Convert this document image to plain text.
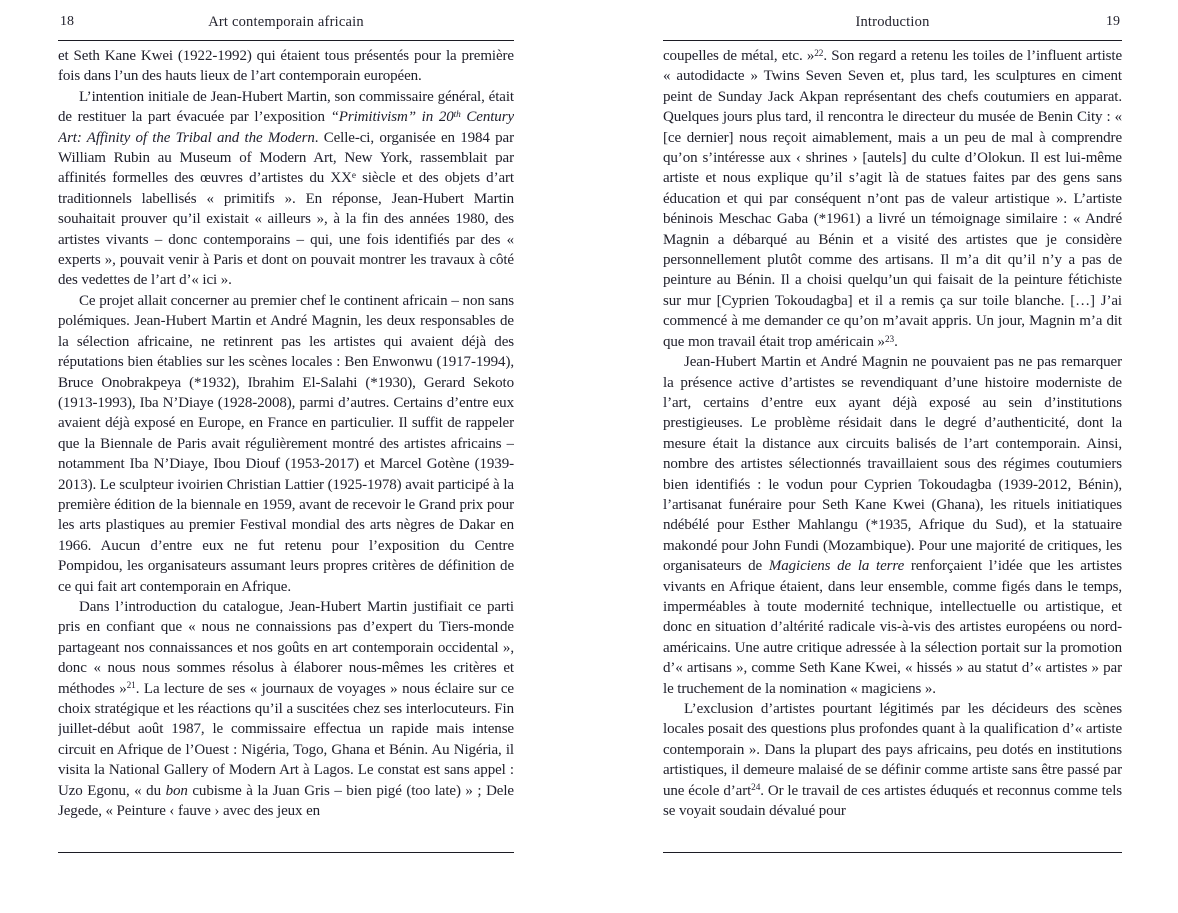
18	Art contemporain africain

et Seth Kane Kwei (1922-1992) qui étaient tous présentés pour la première fois dans l’un des hauts lieux de l’art contemporain européen.

L’intention initiale de Jean-Hubert Martin, son commissaire général, était de restituer la part évacuée par l’exposition “Primitivism” in 20th Century Art: Affinity of the Tribal and the Modern. Celle-ci, organisée en 1984 par William Rubin au Museum of Modern Art, New York, rassemblait par affinités formelles des œuvres d’artistes du XXe siècle et des objets d’art traditionnels labellisés « primitifs ». En réponse, Jean-Hubert Martin souhaitait prouver qu’il existait « ailleurs », à la fin des années 1980, des artistes vivants – donc contemporains – qui, une fois identifiés par des « experts », pouvait venir à Paris et dont on pouvait montrer les travaux à côté des vedettes de l’art d’« ici ».

Ce projet allait concerner au premier chef le continent africain – non sans polémiques. Jean-Hubert Martin et André Magnin, les deux responsables de la sélection africaine, ne retinrent pas les artistes qui avaient déjà des réputations bien établies sur les scènes locales : Ben Enwonwu (1917-1994), Bruce Onobrakpeya (*1932), Ibrahim El-Salahi (*1930), Gerard Sekoto (1913-1993), Iba N’Diaye (1928-2008), parmi d’autres. Certains d’entre eux avaient déjà exposé en Europe, en France en particulier. Il suffit de rappeler que la Biennale de Paris avait régulièrement montré des artistes africains – notamment Iba N’Diaye, Ibou Diouf (1953-2017) et Marcel Gotène (1939-2013). Le sculpteur ivoirien Christian Lattier (1925-1978) avait participé à la première édition de la biennale en 1959, avant de recevoir le Grand prix pour les arts plastiques au premier Festival mondial des arts nègres de Dakar en 1966. Aucun d’entre eux ne fut retenu pour l’exposition du Centre Pompidou, les organisateurs assumant leurs propres critères de définition de ce qui fait art contemporain en Afrique.

Dans l’introduction du catalogue, Jean-Hubert Martin justifiait ce parti pris en confiant que « nous ne connaissions pas d’expert du Tiers-monde partageant nos connaissances et nos goûts en art contemporain occidental », donc « nous nous sommes résolus à élaborer nous-mêmes les critères et méthodes »$^{21}$. La lecture de ses « journaux de voyages » nous éclaire sur ce choix stratégique et les réactions qu’il a suscitées chez ses interlocuteurs. Fin juillet-début août 1987, le commissaire effectua un rapide mais intense circuit en Afrique de l’Ouest : Nigéria, Togo, Ghana et Bénin. Au Nigéria, il visita la National Gallery of Modern Art à Lagos. Le constat est sans appel : Uzo Egonu, « du bon cubisme à la Juan Gris – bien pigé (too late) » ; Dele Jegede, « Peinture ‹ fauve › avec des jeux en

Introduction	19

coupelles de métal, etc. »$^{22}$. Son regard a retenu les toiles de l’influent artiste « autodidacte » Twins Seven Seven et, plus tard, les sculptures en ciment peint de Sunday Jack Akpan représentant des chefs coutumiers en apparat. Quelques jours plus tard, il rencontra le directeur du musée de Benin City : « [ce dernier] nous reçoit aimablement, mais a un peu de mal à comprendre qu’on s’intéresse aux ‹ shrines › [autels] du culte d’Olokun. Il est lui-même artiste et nous explique qu’il s’agit là de statues faites par des gens sans éducation et qui par conséquent n’ont pas de valeur artistique ». L’artiste béninois Meschac Gaba (*1961) a livré un témoignage similaire : « André Magnin a débarqué au Bénin et a visité des artistes que je considère personnellement plutôt comme des artisans. Il m’a dit qu’il n’y a pas de peinture au Bénin. Il a choisi quelqu’un qui faisait de la peinture fétichiste sur mur [Cyprien Tokoudagba] et il a remis ça sur toile blanche. […] J’ai commencé à me demander ce qu’on m’avait appris. Un jour, Magnin m’a dit que mon travail était trop américain »$^{23}$.

Jean-Hubert Martin et André Magnin ne pouvaient pas ne pas remarquer la présence active d’artistes se revendiquant d’une histoire moderniste de l’art, certains d’entre eux ayant déjà exposé au sein d’institutions prestigieuses. Le problème résidait dans le degré d’authenticité, dont la mesure était la distance aux circuits balisés de l’art contemporain. Ainsi, nombre des artistes sélectionnés travaillaient sous des régimes coutumiers bien identifiés : le vodun pour Cyprien Tokoudagba (1939-2012, Bénin), l’artisanat funéraire pour Seth Kane Kwei (Ghana), les rituels initiatiques ndébélé pour Esther Mahlangu (*1935, Afrique du Sud), et la statuaire makondé pour John Fundi (Mozambique). Pour une majorité de critiques, les organisateurs de Magiciens de la terre renforçaient l’idée que les artistes vivants en Afrique étaient, dans leur ensemble, comme figés dans le temps, imperméables à toute modernité technique, intellectuelle ou artistique, et donc en situation d’altérité radicale vis-à-vis des artistes européens ou nord-américains. Une autre critique adressée à la sélection portait sur la promotion d’« artisans », comme Seth Kane Kwei, « hissés » au statut d’« artistes » par le truchement de la nomination « magiciens ».

L’exclusion d’artistes pourtant légitimés par les décideurs des scènes locales posait des questions plus profondes quant à la qualification d’« artiste contemporain ». Dans la plupart des pays africains, peu dotés en institutions artistiques, il demeure malaisé de se définir comme artiste sans être passé par une école d’art$^{24}$. Or le travail de ces artistes éduqués et reconnus comme tels se voyait soudain dévalué pour
